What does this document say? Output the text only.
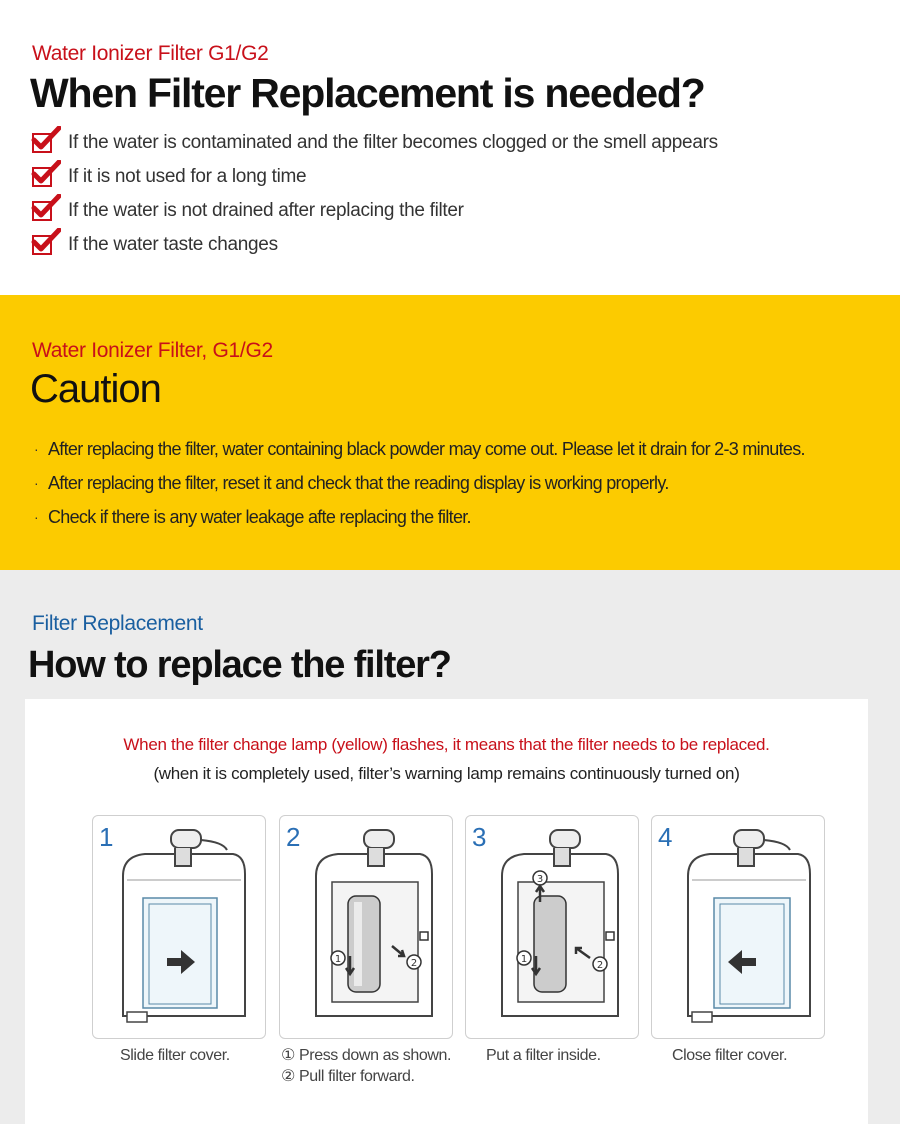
Water Ionizer Filter G1/G2
When Filter Replacement is needed?
If the water is contaminated and the filter becomes clogged or the smell appears
If it is not used for a long time
If the water is not drained after replacing the filter
If the water taste changes
Water Ionizer Filter, G1/G2
Caution
· After replacing the filter, water containing black powder may come out. Please let it drain for 2-3 minutes.
· After replacing the filter, reset it and check that the reading display is working properly.
· Check if there is any water leakage afte replacing the filter.
Filter Replacement
How to replace the filter?
When the filter change lamp (yellow) flashes, it means that the filter needs to be replaced.
(when it is completely used, filter’s warning lamp remains continuously turned on)
1
1	2
2
3
1
2
3	4
Slide filter cover.	① Press down as shown.
② Pull filter forward.
Put a filter inside.	Close filter cover.
